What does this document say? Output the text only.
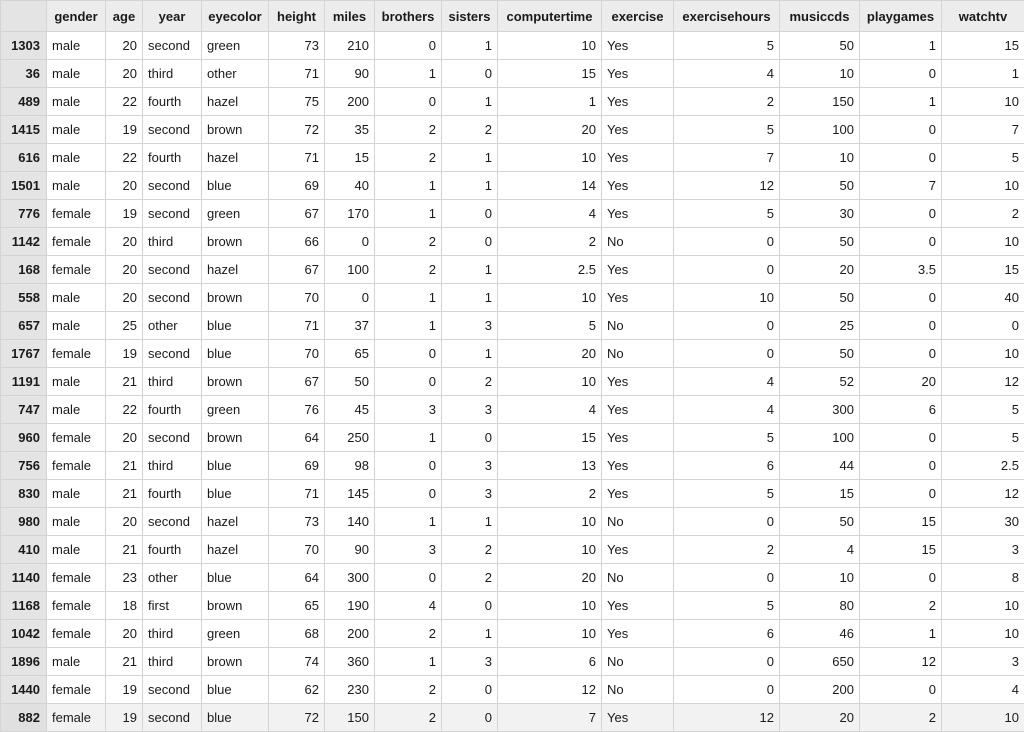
	gender	age	year	eyecolor	height	miles	brothers	sisters	computertime	exercise	exercisehours	musiccds	playgames	watchtv
1303	male	20	second	green	73	210	0	1	10	Yes	5	50	1	15
36	male	20	third	other	71	90	1	0	15	Yes	4	10	0	1
489	male	22	fourth	hazel	75	200	0	1	1	Yes	2	150	1	10
1415	male	19	second	brown	72	35	2	2	20	Yes	5	100	0	7
616	male	22	fourth	hazel	71	15	2	1	10	Yes	7	10	0	5
1501	male	20	second	blue	69	40	1	1	14	Yes	12	50	7	10
776	female	19	second	green	67	170	1	0	4	Yes	5	30	0	2
1142	female	20	third	brown	66	0	2	0	2	No	0	50	0	10
168	female	20	second	hazel	67	100	2	1	2.5	Yes	0	20	3.5	15
558	male	20	second	brown	70	0	1	1	10	Yes	10	50	0	40
657	male	25	other	blue	71	37	1	3	5	No	0	25	0	0
1767	female	19	second	blue	70	65	0	1	20	No	0	50	0	10
1191	male	21	third	brown	67	50	0	2	10	Yes	4	52	20	12
747	male	22	fourth	green	76	45	3	3	4	Yes	4	300	6	5
960	female	20	second	brown	64	250	1	0	15	Yes	5	100	0	5
756	female	21	third	blue	69	98	0	3	13	Yes	6	44	0	2.5
830	male	21	fourth	blue	71	145	0	3	2	Yes	5	15	0	12
980	male	20	second	hazel	73	140	1	1	10	No	0	50	15	30
410	male	21	fourth	hazel	70	90	3	2	10	Yes	2	4	15	3
1140	female	23	other	blue	64	300	0	2	20	No	0	10	0	8
1168	female	18	first	brown	65	190	4	0	10	Yes	5	80	2	10
1042	female	20	third	green	68	200	2	1	10	Yes	6	46	1	10
1896	male	21	third	brown	74	360	1	3	6	No	0	650	12	3
1440	female	19	second	blue	62	230	2	0	12	No	0	200	0	4
882	female	19	second	blue	72	150	2	0	7	Yes	12	20	2	10
